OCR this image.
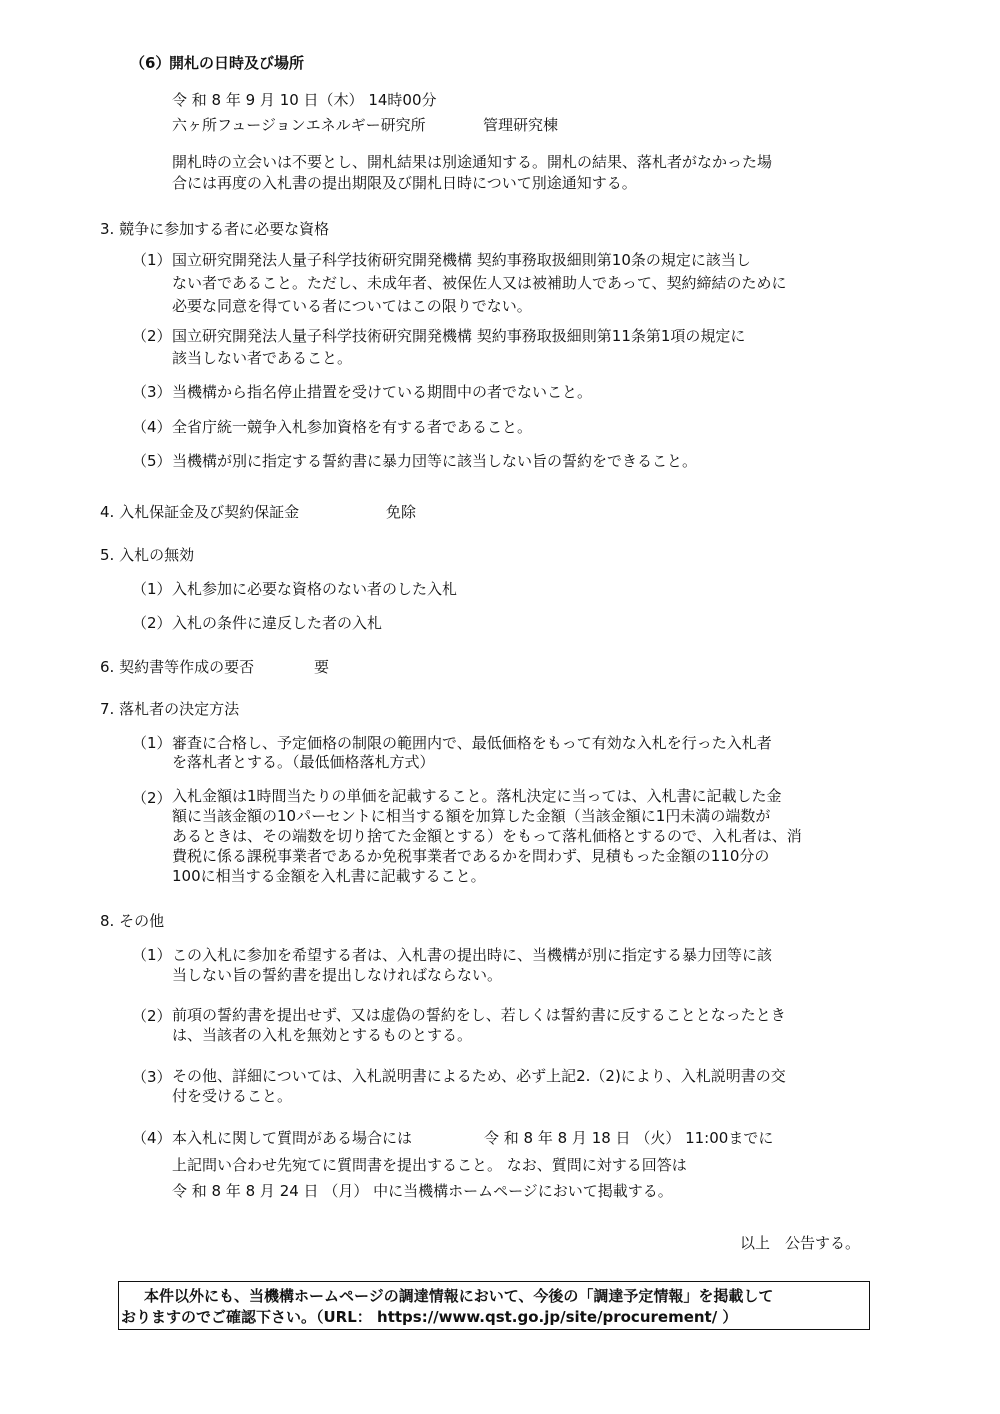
（6）
開札の日時及び場所
令 和 8 年 9 月 10 日（木） 14時00分
六ヶ所フュージョンエネルギー研究所	管理研究棟
開札時の立会いは不要とし、開札結果は別途通知する。開札の結果、落札者がなかった場
合には再度の入札書の提出期限及び開札日時について別途通知する。
3. 競争に参加する者に必要な資格
（1） 国立研究開発法人量子科学技術研究開発機構 契約事務取扱細則第10条の規定に該当し
ない者であること。ただし、未成年者、被保佐人又は被補助人であって、契約締結のために
必要な同意を得ている者についてはこの限りでない。
（2） 国立研究開発法人量子科学技術研究開発機構 契約事務取扱細則第11条第1項の規定に
該当しない者であること。
（3） 当機構から指名停止措置を受けている期間中の者でないこと。
（4） 全省庁統一競争入札参加資格を有する者であること。
（5） 当機構が別に指定する誓約書に暴力団等に該当しない旨の誓約をできること。
4. 入札保証金及び契約保証金	免除
5. 入札の無効
（1） 入札参加に必要な資格のない者のした入札
（2） 入札の条件に違反した者の入札
6. 契約書等作成の要否	要
7. 落札者の決定方法
（1） 審査に合格し、予定価格の制限の範囲内で、最低価格をもって有効な入札を行った入札者
を落札者とする。（最低価格落札方式）
（2） 入札金額は1時間当たりの単価を記載すること。落札決定に当っては、入札書に記載した金
額に当該金額の10パーセントに相当する額を加算した金額（当該金額に1円未満の端数が
あるときは、その端数を切り捨てた金額とする）をもって落札価格とするので、入札者は、消
費税に係る課税事業者であるか免税事業者であるかを問わず、見積もった金額の110分の
100に相当する金額を入札書に記載すること。
8. その他
（1） この入札に参加を希望する者は、入札書の提出時に、当機構が別に指定する暴力団等に該
当しない旨の誓約書を提出しなければならない。
（2） 前項の誓約書を提出せず、又は虚偽の誓約をし、若しくは誓約書に反することとなったとき
は、当該者の入札を無効とするものとする。
（3） その他、詳細については、入札説明書によるため、必ず上記2.（2)により、入札説明書の交
付を受けること。
（4） 本入札に関して質問がある場合には	令 和 8 年 8 月 18 日 （火） 11:00までに
上記問い合わせ先宛てに質問書を提出すること。 なお、質問に対する回答は
令 和 8 年 8 月 24 日 （月） 中に当機構ホームページにおいて掲載する。
以上　公告する。
本件以外にも、当機構ホームページの調達情報において、今後の「調達予定情報」を掲載して
おりますのでご確認下さい。（URL： https://www.qst.go.jp/site/procurement/ ）
